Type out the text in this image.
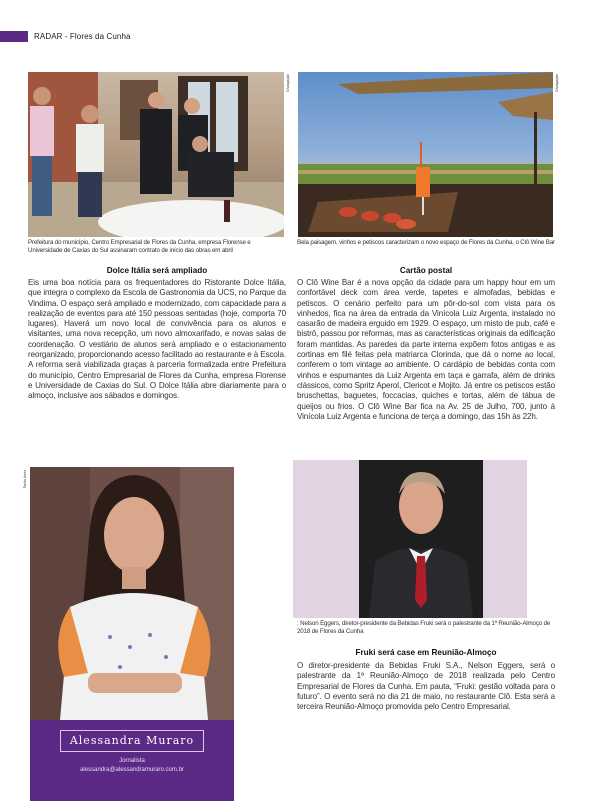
RADAR - Flores da Cunha
Divulgação	Divulgação
Prefeitura do município, Centro Empresarial de Flores da Cunha, empresa Florense e Universidade de Caxias do Sul assinaram contrato de início das obras em abril
Bela paisagem, vinhos e petiscos caracterizam o novo espaço de Flores da Cunha, o Clô Wine Bar
Dolce Itália será ampliado	Cartão postal
Eis uma boa notícia para os frequentadores do Ristorante Dolce Itália, que integra o complexo da Escola de Gastronomia da UCS, no Parque da Vindima. O espaço será ampliado e modernizado, com capacidade para a realização de eventos para até 150 pessoas sentadas (hoje, comporta 70 lugares). Haverá um novo local de convivência para os alunos e visitantes, uma nova recepção, um novo almoxarifado, e novas salas de coordenação. O vestiário de alunos será ampliado e o estacionamento reorganizado, proporcionando acesso facilitado ao restaurante e à Escola. A reforma será viabilizada graças à parceria formalizada entre Prefeitura do município, Centro Empresarial de Flores da Cunha, empresa Florense e Universidade de Caxias do Sul. O Dolce Itália abre diariamente para o almoço, inclusive aos sábados e domingos.
O Clô Wine Bar é a nova opção da cidade para um happy hour em um confortável deck com área verde, tapetes e almofadas, bebidas e petiscos. O cenário perfeito para um pôr-do-sol com vista para os vinhedos, fica na área da entrada da Vinícola Luiz Argenta, instalado no casarão de madeira erguido em 1929. O espaço, um misto de pub, café e bistrô, passou por reformas, mas as características originais da edificação foram mantidas. As paredes da parte interna expõem fotos antigas e as cortinas em filé feitas pela matriarca Clorinda, que dá o nome ao local, conferem o tom vintage ao ambiente. O cardápio de bebidas conta com vinhos e espumantes da Luiz Argenta em taça e garrafa, além de drinks clássicos, como Spritz Aperol, Clericot e Mojito. Já entre os petiscos estão bruschettas, baguetes, foccacias, quiches e tortas, além de tábua de queijos ou frios. O Clô Wine Bar fica na Av. 25 de Julho, 700, junto à Vinícola Luiz Argenta e funciona de terça a domingo, das 15h às 22h.
Tacito Anex
Alessandra Muraro
Jornalista
alessandra@alessandramuraro.com.br
: Nelson Eggers, diretor-presidente da Bebidas Fruki será o palestrante da 1ª Reunião-Almoço de 2018 de Flores da Cunha
Fruki será case em Reunião-Almoço
O diretor-presidente da Bebidas Fruki S.A., Nelson Eggers, será o palestrante da 1ª Reunião-Almoço de 2018 realizada pelo Centro Empresarial de Flores da Cunha. Em pauta, “Fruki: gestão voltada para o futuro”. O evento será no dia 21 de maio, no restaurante Clô. Esta será a terceira Reunião-Almoço promovida pelo Centro Empresarial.
